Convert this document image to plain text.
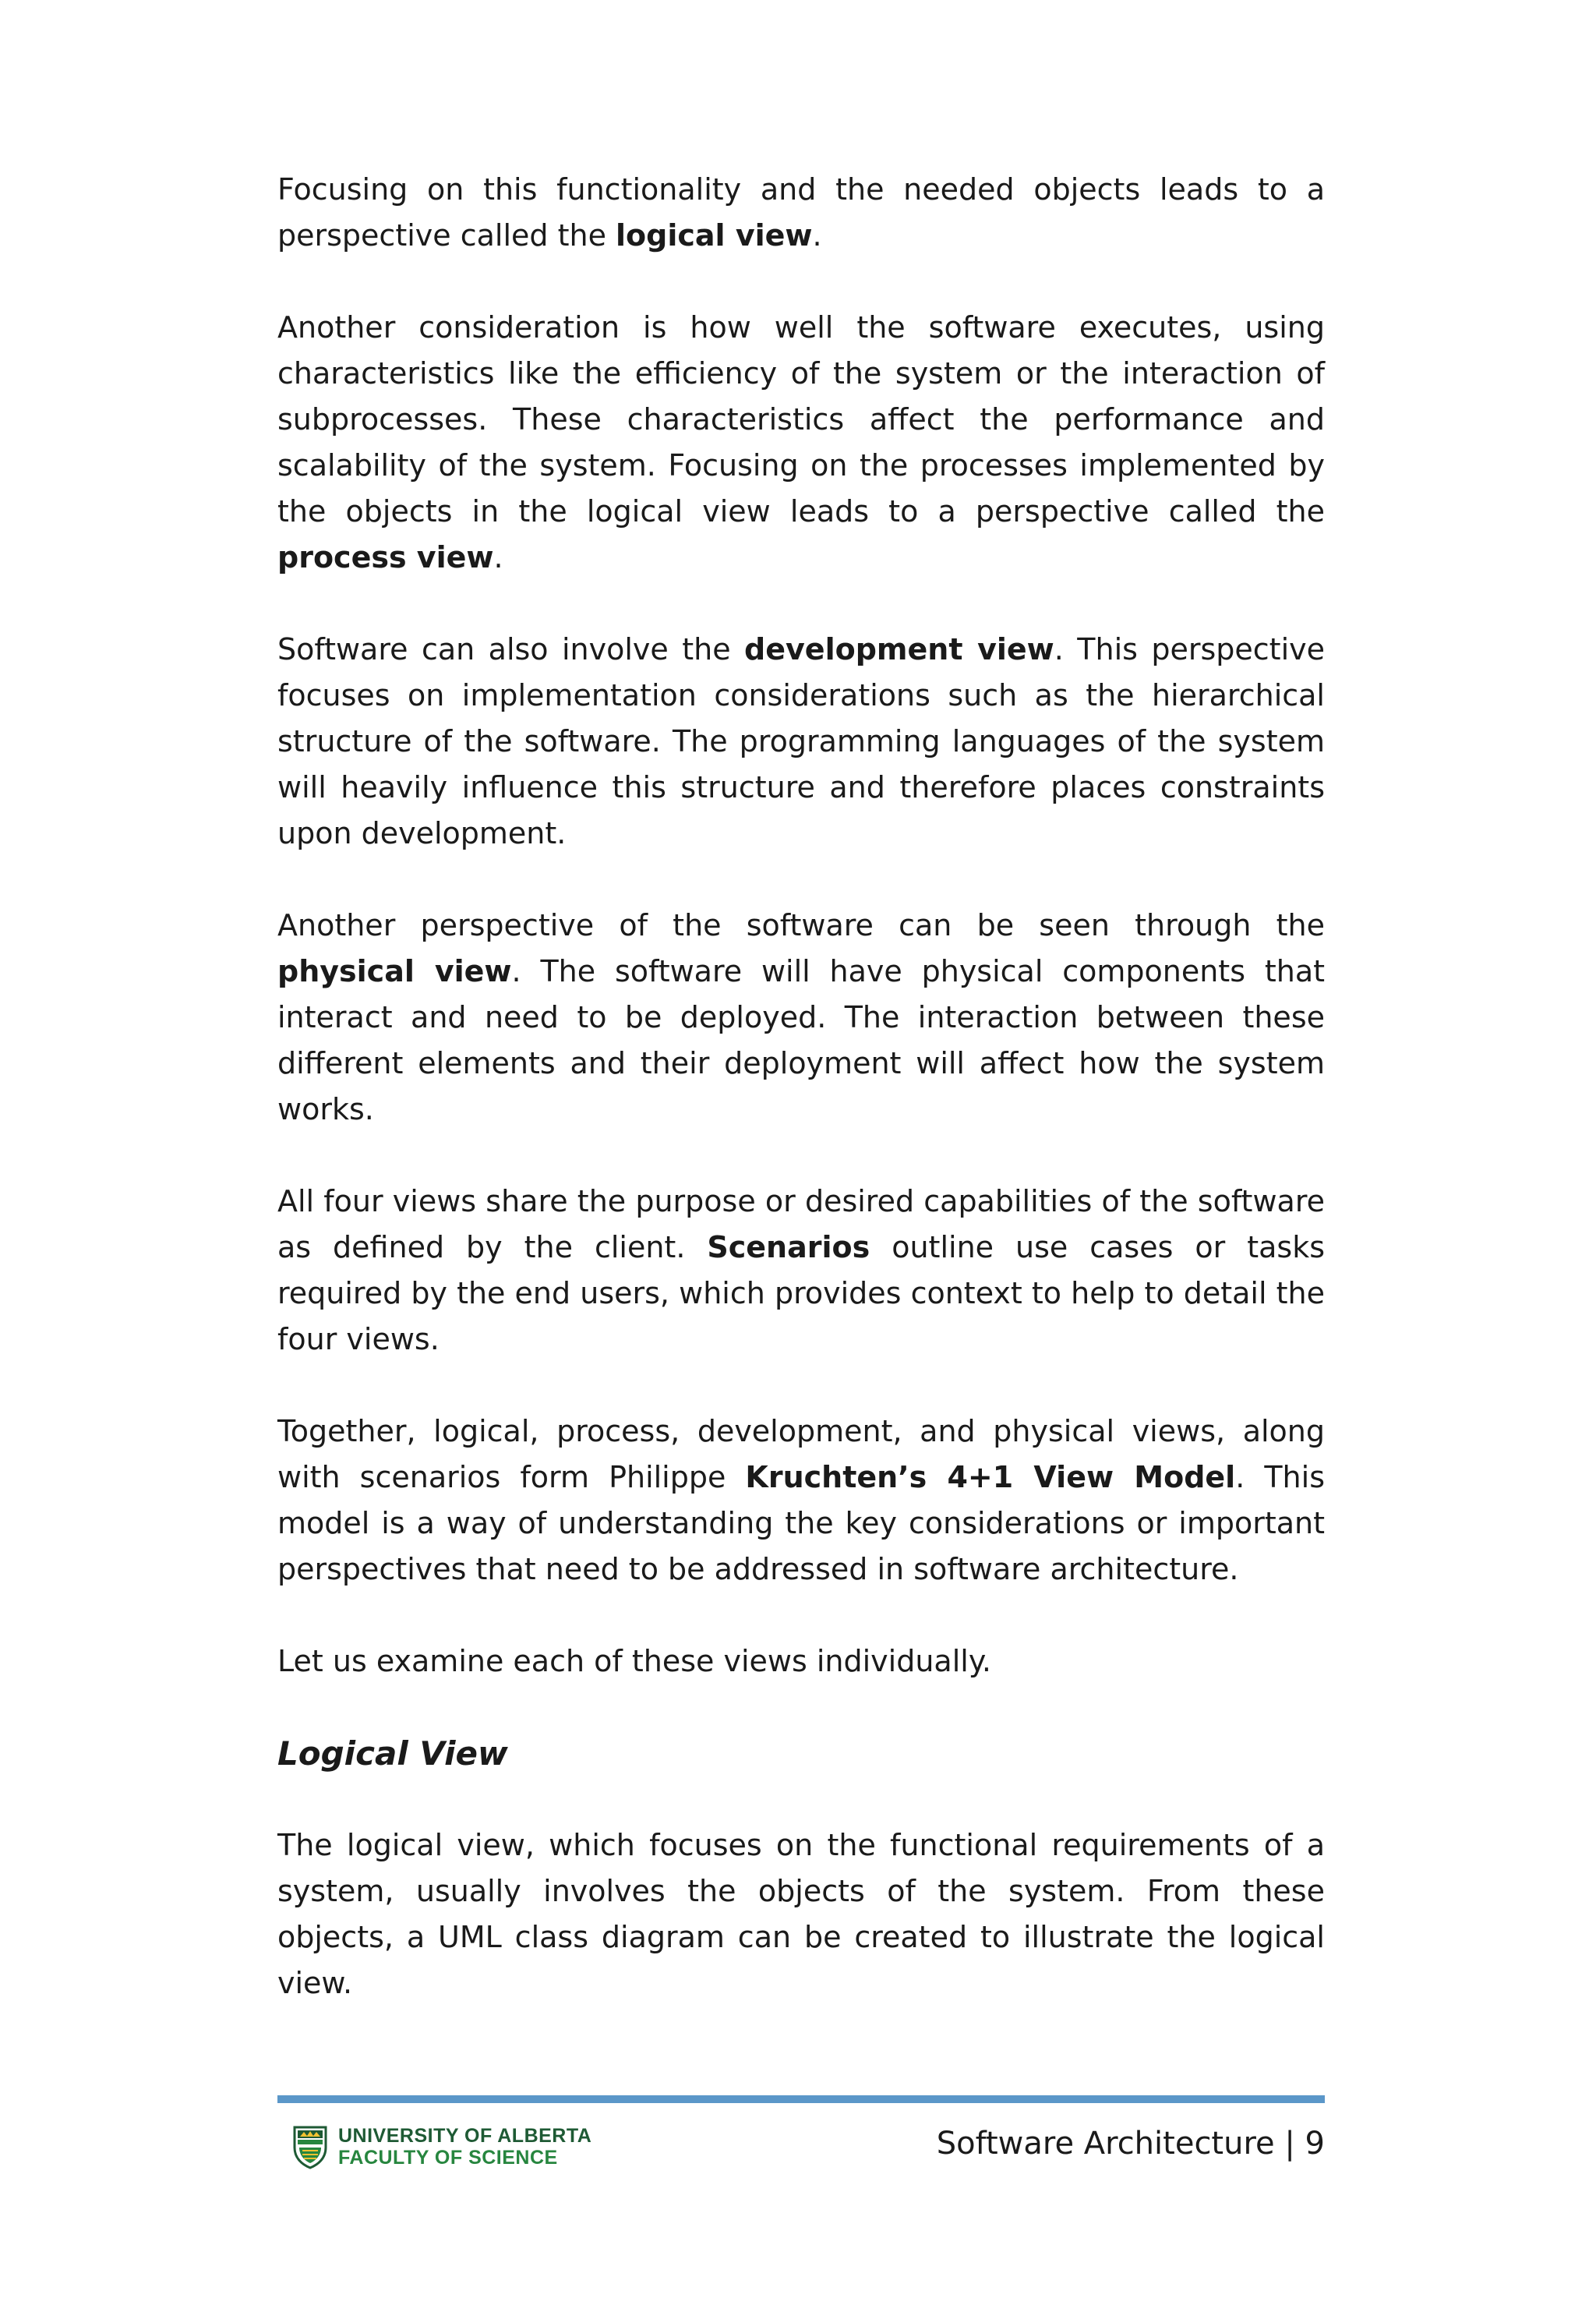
Focusing on this functionality and the needed objects leads to a perspective called the logical view.

Another consideration is how well the software executes, using characteristics like the efficiency of the system or the interaction of subprocesses. These characteristics affect the performance and scalability of the system. Focusing on the processes implemented by the objects in the logical view leads to a perspective called the process view.

Software can also involve the development view. This perspective focuses on implementation considerations such as the hierarchical structure of the software. The programming languages of the system will heavily influence this structure and therefore places constraints upon development.

Another perspective of the software can be seen through the physical view. The software will have physical components that interact and need to be deployed. The interaction between these different elements and their deployment will affect how the system works.

All four views share the purpose or desired capabilities of the software as defined by the client. Scenarios outline use cases or tasks required by the end users, which provides context to help to detail the four views.

Together, logical, process, development, and physical views, along with scenarios form Philippe Kruchten’s 4+1 View Model. This model is a way of understanding the key considerations or important perspectives that need to be addressed in software architecture.

Let us examine each of these views individually.

Logical View

The logical view, which focuses on the functional requirements of a system, usually involves the objects of the system. From these objects, a UML class diagram can be created to illustrate the logical view.

UNIVERSITY OF ALBERTA
FACULTY OF SCIENCE	Software Architecture | 9
